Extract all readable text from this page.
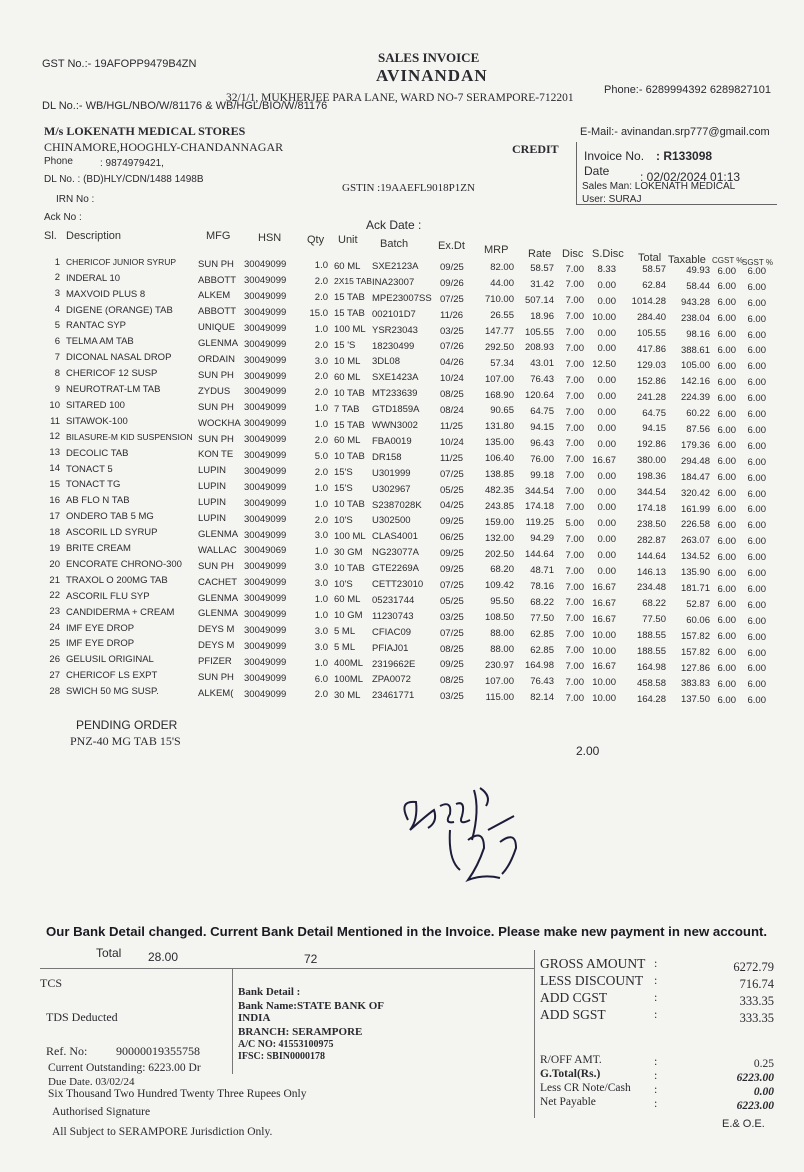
GST No.:- 19AFOPP9479B4ZN	SALES INVOICE
AVINANDAN
Phone:- 6289994392 6289827101
32/1/1, MUKHERJEE PARA LANE, WARD NO-7 SERAMPORE-712201
DL No.:- WB/HGL/NBO/W/81176 & WB/HGL/BIO/W/81176
E-Mail:- avinandan.srp777@gmail.com
M/s LOKENATH MEDICAL STORES
CHINAMORE,HOOGHLY-CHANDANNAGAR
Phone	: 9874979421,
DL No. : (BD)HLY/CDN/1488 1498B
GSTIN :19AAEFL9018P1ZN
IRN No :
Ack No :
Ack Date :
CREDIT Invoice No. : R133098
Date	: 02/02/2024 01:13
Sales Man: LOKENATH MEDICAL
User: SURAJ
Sl. Description	MFG	HSN Qty Unit Batch	Ex.Dt MRP Rate Disc S.Disc Total Taxable CGST %
SGST %
1 CHERICOF JUNIOR SYRUP	SUN PH	30049099	1.0 60 ML	SXE2123A	09/25	82.00	58.57	7.00	8.33	58.57	49.93 6.00	6.00
2 INDERAL 10	ABBOTT 30049099	2.0 2X15 TAB INA23007	09/26	44.00	31.42	7.00	0.00	62.84	58.44 6.00	6.00
3 MAXVOID PLUS 8	ALKEM	30049099	2.0 15 TAB MPE23007SS 07/25	710.00	507.14	7.00	0.00	1014.28	943.28 6.00	6.00
4 DIGENE (ORANGE) TAB	ABBOTT 30049099	15.0 15 TAB 002101D7	11/26	26.55	18.96	7.00 10.00	284.40	238.04 6.00	6.00
5 RANTAC SYP	UNIQUE 30049099	1.0 100 ML YSR23043	03/25	147.77	105.55	7.00	0.00	105.55	98.16 6.00	6.00
6 TELMA AM TAB	GLENMA 30049099	2.0 15 'S	18230499	07/26	292.50	208.93	7.00	0.00	417.86	388.61 6.00	6.00
7 DICONAL NASAL DROP	ORDAIN 30049099	3.0 10 ML	3DL08	04/26	57.34	43.01	7.00 12.50	129.03	105.00 6.00	6.00
8 CHERICOF 12 SUSP	SUN PH	30049099	2.0 60 ML	SXE1423A	10/24	107.00	76.43	7.00	0.00	152.86	142.16 6.00	6.00
9 NEUROTRAT-LM TAB	ZYDUS	30049099	2.0 10 TAB MT233639	08/25	168.90	120.64	7.00	0.00	241.28	224.39 6.00	6.00
10 SITARED 100	SUN PH	30049099	1.0 7 TAB	GTD1859A	08/24	90.65	64.75	7.00	0.00	64.75	60.22 6.00	6.00
11 SITAWOK-100	WOCKHA 30049099	1.0 15 TAB WWN3002	11/25	131.80	94.15	7.00	0.00	94.15	87.56 6.00	6.00
12 BILASURE-M KID SUSPENSION SUN PH	30049099	2.0 60 ML	FBA0019	10/24	135.00	96.43	7.00	0.00	192.86	179.36 6.00	6.00
13 DECOLIC TAB	KON TE	30049099	5.0 10 TAB DR158	11/25	106.40	76.00	7.00 16.67	380.00	294.48 6.00	6.00
14 TONACT 5	LUPIN	30049099	2.0 15'S	U301999	07/25	138.85	99.18	7.00	0.00	198.36	184.47 6.00	6.00
15 TONACT TG	LUPIN	30049099	1.0 15'S	U302967	05/25	482.35	344.54	7.00	0.00	344.54	320.42 6.00	6.00
16 AB FLO N TAB	LUPIN	30049099	1.0 10 TAB S2387028K	04/25	243.85	174.18	7.00	0.00	174.18	161.99 6.00	6.00
17 ONDERO TAB 5 MG	LUPIN	30049099	2.0 10'S	U302500	09/25	159.00	119.25	5.00	0.00	238.50	226.58 6.00	6.00
18 ASCORIL LD SYRUP	GLENMA 30049099	3.0 100 ML CLAS4001	06/25	132.00	94.29	7.00	0.00	282.87	263.07 6.00	6.00
19 BRITE CREAM	WALLAC 30049069	1.0 30 GM NG23077A	09/25	202.50	144.64	7.00	0.00	144.64	134.52 6.00	6.00
20 ENCORATE CHRONO-300	SUN PH	30049099	3.0 10 TAB GTE2269A	09/25	68.20	48.71	7.00	0.00	146.13	135.90 6.00	6.00
21 TRAXOL O 200MG TAB	CACHET 30049099	3.0 10'S	CETT23010	07/25	109.42	78.16	7.00 16.67	234.48	181.71 6.00	6.00
22 ASCORIL FLU SYP	GLENMA 30049099	1.0 60 ML	05231744	05/25	95.50	68.22	7.00 16.67	68.22	52.87 6.00	6.00
23 CANDIDERMA + CREAM	GLENMA 30049099	1.0 10 GM 11230743	03/25	108.50	77.50	7.00 16.67	77.50	60.06 6.00	6.00
24 IMF EYE DROP	DEYS M	30049099	3.0 5 ML	CFIAC09	07/25	88.00	62.85	7.00 10.00	188.55	157.82 6.00	6.00
25 IMF EYE DROP	DEYS M	30049099	3.0 5 ML	PFIAJ01	08/25	88.00	62.85	7.00 10.00	188.55	157.82 6.00	6.00
26 GELUSIL ORIGINAL	PFIZER	30049099	1.0 400ML 2319662E	09/25	230.97	164.98	7.00 16.67	164.98	127.86 6.00	6.00
27 CHERICOF LS EXPT	SUN PH	30049099	6.0 100ML ZPA0072	08/25	107.00	76.43	7.00 10.00	458.58	383.83 6.00	6.00
28 SWICH 50 MG SUSP.	ALKEM(	30049099	2.0 30 ML	23461771	03/25	115.00	82.14	7.00 10.00	164.28	137.50 6.00	6.00
PENDING ORDER
PNZ-40 MG TAB 15'S
2.00
Our Bank Detail changed. Current Bank Detail Mentioned in the Invoice. Please make new payment in new account.
Total 28.00	72
TCS
TDS Deducted
Ref. No: 90000019355758
Current Outstanding: 6223.00 Dr
Due Date. 03/02/24
Six Thousand Two Hundred Twenty Three Rupees Only
Authorised Signature
All Subject to SERAMPORE Jurisdiction Only.
Bank Detail :
Bank Name:STATE BANK OF INDIA
BRANCH: SERAMPORE
A/C NO: 41553100975
IFSC: SBIN0000178
GROSS AMOUNT :	6272.79
LESS DISCOUNT :	716.74
ADD CGST	:	333.35
ADD SGST	:	333.35
R/OFF AMT.	:	0.25
G.Total(Rs.)	:	6223.00
Less CR Note/Cash :	0.00
Net Payable	:	6223.00
E.& O.E.
